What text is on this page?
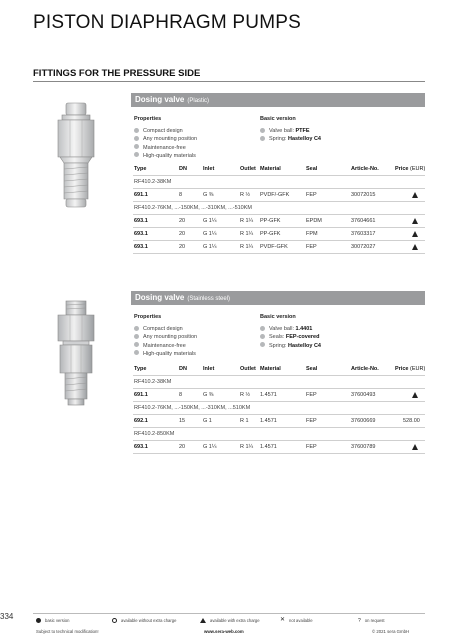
PISTON DIAPHRAGM PUMPS
FITTINGS FOR THE PRESSURE SIDE
Dosing valve (Plastic)
Properties
Compact design
Any mounting position
Maintenance-free
High-quality materials
Basic version
Valve ball: PTFE
Spring: Hastelloy C4
Type	DN	Inlet	Outlet Material	Seal	Article-No.	Price (EUR)
RF410.2-38KM
691.1	8	G ⅜	R ½ PVDF/-GFK	FEP	30072015
RF410.2-76KM, ...-150KM, ...-310KM, ...-510KM
693.1	20	G 1¼	R 1¼ PP-GFK	EPDM	37604661
693.1	20	G 1¼	R 1¼ PP-GFK	FPM	37603317
693.1	20	G 1¼	R 1¼ PVDF-GFK	FEP	30072027
Dosing valve (Stainless steel)
Properties
Compact design
Any mounting position
Maintenance-free
High-quality materials
Basic version
Valve ball: 1.4401
Seals: FEP-covered
Spring: Hastelloy C4
Type	DN	Inlet	Outlet Material	Seal	Article-No.	Price (EUR)
RF410.2-38KM
691.1	8	G ⅜	R ½ 1.4571	FEP	37600493
RF410.2-76KM, ...-150KM, ...-310KM, ...510KM
692.1	15	G 1	R 1 1.4571	FEP	37600669	528.00
RF410.2-850KM
693.1	20	G 1¼	R 1¼ 1.4571	FEP	37600789
334	basic version	available without extra charge	available with extra charge	✕ not available	? on request
Subject to technical modification!	www.sera-web.com	© 2021 sera GmbH
